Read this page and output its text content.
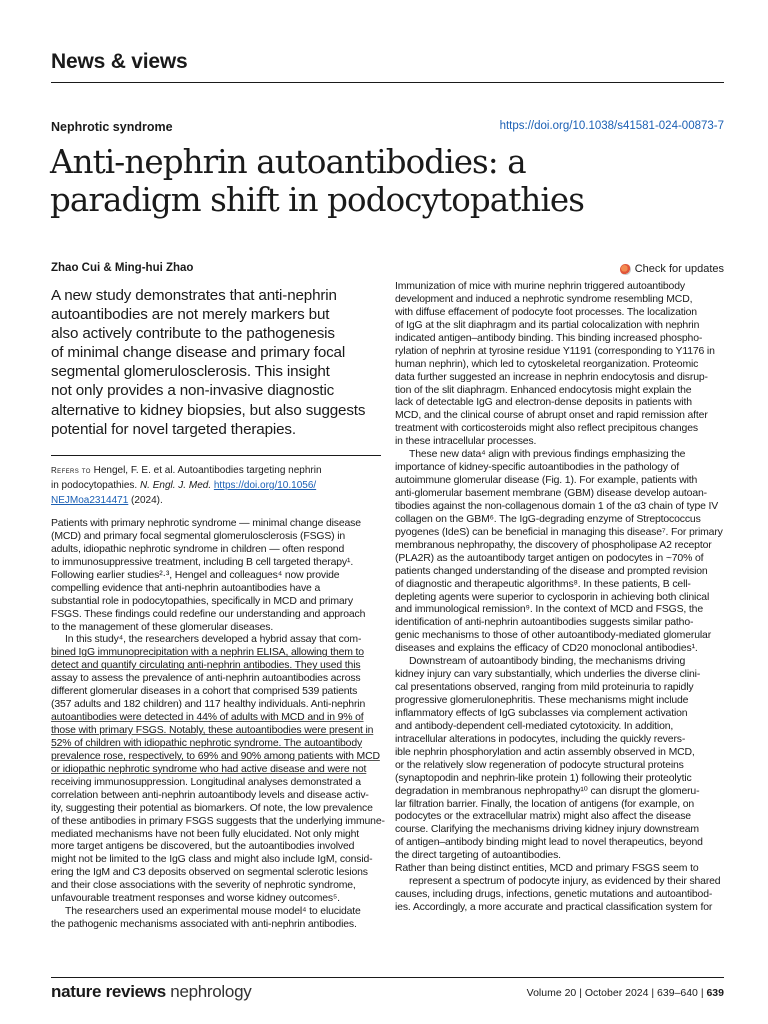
News & views
Nephrotic syndrome	https://doi.org/10.1038/s41581-024-00873-7
Anti-nephrin autoantibodies: a
paradigm shift in podocytopathies
Zhao Cui & Ming-hui Zhao	Check for updates
A new study demonstrates that anti-nephrin
autoantibodies are not merely markers but
also actively contribute to the pathogenesis
of minimal change disease and primary focal
segmental glomerulosclerosis. This insight
not only provides a non-invasive diagnostic
alternative to kidney biopsies, but also suggests
potential for novel targeted therapies.
Refers to Hengel, F. E. et al. Autoantibodies targeting nephrin
in podocytopathies. N. Engl. J. Med. https://doi.org/10.1056/
NEJMoa2314471 (2024).
Patients with primary nephrotic syndrome — minimal change disease
(MCD) and primary focal segmental glomerulosclerosis (FSGS) in
adults, idiopathic nephrotic syndrome in children — often respond
to immunosuppressive treatment, including B cell targeted therapy¹.
Following earlier studies²·³, Hengel and colleagues⁴ now provide
compelling evidence that anti-nephrin autoantibodies have a
substantial role in podocytopathies, specifically in MCD and primary
FSGS. These findings could redefine our understanding and approach
to the management of these glomerular diseases.
In this study⁴, the researchers developed a hybrid assay that com-
bined IgG immunoprecipitation with a nephrin ELISA, allowing them to
detect and quantify circulating anti-nephrin antibodies. They used this
assay to assess the prevalence of anti-nephrin autoantibodies across
different glomerular diseases in a cohort that comprised 539 patients
(357 adults and 182 children) and 117 healthy individuals. Anti-nephrin
autoantibodies were detected in 44% of adults with MCD and in 9% of
those with primary FSGS. Notably, these autoantibodies were present in
52% of children with idiopathic nephrotic syndrome. The autoantibody
prevalence rose, respectively, to 69% and 90% among patients with MCD
or idiopathic nephrotic syndrome who had active disease and were not
receiving immunosuppression. Longitudinal analyses demonstrated a
correlation between anti-nephrin autoantibody levels and disease activ-
ity, suggesting their potential as biomarkers. Of note, the low prevalence
of these antibodies in primary FSGS suggests that the underlying immune-
mediated mechanisms have not been fully elucidated. Not only might
more target antigens be discovered, but the autoantibodies involved
might not be limited to the IgG class and might also include IgM, consid-
ering the IgM and C3 deposits observed on segmental sclerotic lesions
and their close associations with the severity of nephrotic syndrome,
unfavourable treatment responses and worse kidney outcomes⁵.
The researchers used an experimental mouse model⁴ to elucidate
the pathogenic mechanisms associated with anti-nephrin antibodies.
Immunization of mice with murine nephrin triggered autoantibody
development and induced a nephrotic syndrome resembling MCD,
with diffuse effacement of podocyte foot processes. The localization
of IgG at the slit diaphragm and its partial colocalization with nephrin
indicated antigen–antibody binding. This binding increased phospho-
rylation of nephrin at tyrosine residue Y1191 (corresponding to Y1176 in
human nephrin), which led to cytoskeletal reorganization. Proteomic
data further suggested an increase in nephrin endocytosis and disrup-
tion of the slit diaphragm. Enhanced endocytosis might explain the
lack of detectable IgG and electron-dense deposits in patients with
MCD, and the clinical course of abrupt onset and rapid remission after
treatment with corticosteroids might also reflect precipitous changes
in these intracellular processes.
These new data⁴ align with previous findings emphasizing the
importance of kidney-specific autoantibodies in the pathology of
autoimmune glomerular disease (Fig. 1). For example, patients with
anti-glomerular basement membrane (GBM) disease develop autoan-
tibodies against the non-collagenous domain 1 of the α3 chain of type IV
collagen on the GBM⁶. The IgG-degrading enzyme of Streptococcus
pyogenes (IdeS) can be beneficial in managing this disease⁷. For primary
membranous nephropathy, the discovery of phospholipase A2 receptor
(PLA2R) as the autoantibody target antigen on podocytes in ~70% of
patients changed understanding of the disease and prompted revision
of diagnostic and therapeutic algorithms⁸. In these patients, B cell-
depleting agents were superior to cyclosporin in achieving both clinical
and immunological remission⁹. In the context of MCD and FSGS, the
identification of anti-nephrin autoantibodies suggests similar patho-
genic mechanisms to those of other autoantibody-mediated glomerular
diseases and explains the efficacy of CD20 monoclonal antibodies¹.
Downstream of autoantibody binding, the mechanisms driving
kidney injury can vary substantially, which underlies the diverse clini-
cal presentations observed, ranging from mild proteinuria to rapidly
progressive glomerulonephritis. These mechanisms might include
inflammatory effects of IgG subclasses via complement activation
and antibody-dependent cell-mediated cytotoxicity. In addition,
intracellular alterations in podocytes, including the quickly revers-
ible nephrin phosphorylation and actin assembly observed in MCD,
or the relatively slow regeneration of podocyte structural proteins
(synaptopodin and nephrin-like protein 1) following their proteolytic
degradation in membranous nephropathy¹⁰ can disrupt the glomeru-
lar filtration barrier. Finally, the location of antigens (for example, on
podocytes or the extracellular matrix) might also affect the disease
course. Clarifying the mechanisms driving kidney injury downstream
of antigen–antibody binding might lead to novel therapeutics, beyond
the direct targeting of autoantibodies.
Rather than being distinct entities, MCD and primary FSGS seem to
represent a spectrum of podocyte injury, as evidenced by their shared
causes, including drugs, infections, genetic mutations and autoantibod-
ies. Accordingly, a more accurate and practical classification system for
nature reviews nephrology	Volume 20 | October 2024 | 639–640 | 639
